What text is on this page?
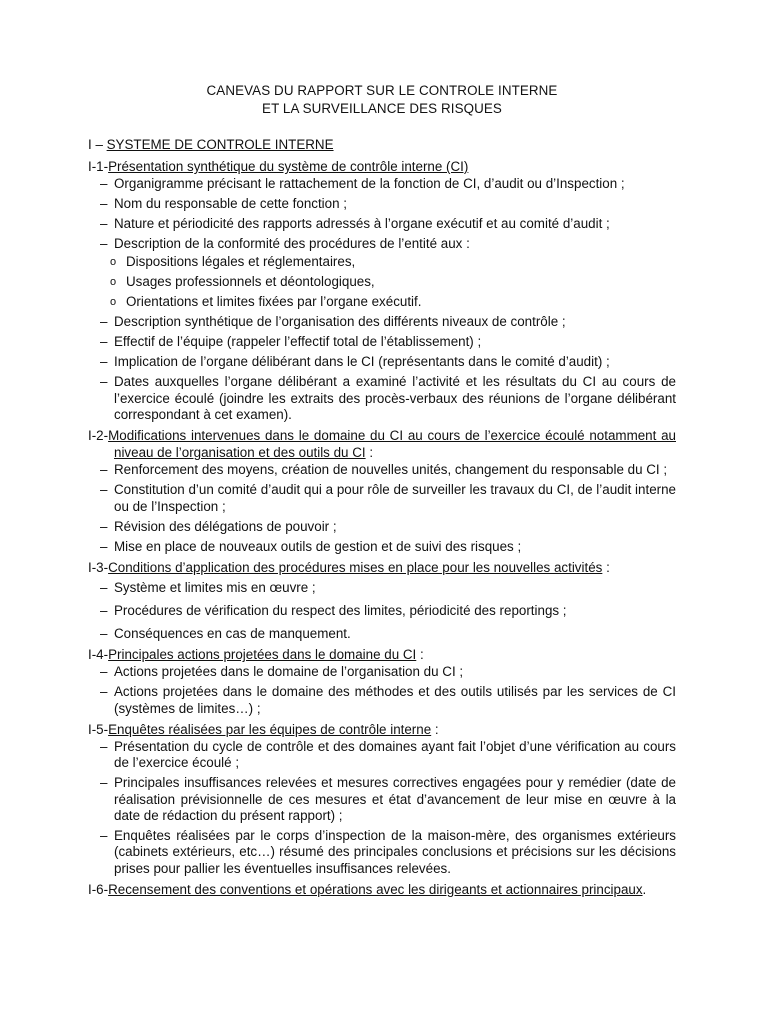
CANEVAS DU RAPPORT SUR LE CONTROLE INTERNE
ET LA SURVEILLANCE DES RISQUES
I – SYSTEME DE CONTROLE INTERNE
I-1-Présentation synthétique du système de contrôle interne (CI)
– Organigramme précisant le rattachement de la fonction de CI, d’audit ou d’Inspection ;
– Nom du responsable de cette fonction ;
– Nature et périodicité des rapports adressés à l’organe exécutif et au comité d’audit ;
– Description de la conformité des procédures de l’entité aux :
o Dispositions légales et réglementaires,
o Usages professionnels et déontologiques,
o Orientations et limites fixées par l’organe exécutif.
– Description synthétique de l’organisation des différents niveaux de contrôle ;
– Effectif de l’équipe (rappeler l’effectif total de l’établissement) ;
– Implication de l’organe délibérant dans le CI (représentants dans le comité d’audit) ;
– Dates auxquelles l’organe délibérant a examiné l’activité et les résultats du CI au cours de l’exercice écoulé (joindre les extraits des procès-verbaux des réunions de l’organe délibérant correspondant à cet examen).
I-2-Modifications intervenues dans le domaine du CI au cours de l’exercice écoulé notamment au niveau de l’organisation et des outils du CI :
– Renforcement des moyens, création de nouvelles unités, changement du responsable du CI ;
– Constitution d’un comité d’audit qui a pour rôle de surveiller les travaux du CI, de l’audit interne ou de l’Inspection ;
– Révision des délégations de pouvoir ;
– Mise en place de nouveaux outils de gestion et de suivi des risques ;
I-3-Conditions d’application des procédures mises en place pour les nouvelles activités :
– Système et limites mis en œuvre ;
– Procédures de vérification du respect des limites, périodicité des reportings ;
– Conséquences en cas de manquement.
I-4-Principales actions projetées dans le domaine du CI :
– Actions projetées dans le domaine de l’organisation du CI ;
– Actions projetées dans le domaine des méthodes et des outils utilisés par les services de CI (systèmes de limites…) ;
I-5-Enquêtes réalisées par les équipes de contrôle interne :
– Présentation du cycle de contrôle et des domaines ayant fait l’objet d’une vérification au cours de l’exercice écoulé ;
– Principales insuffisances relevées et mesures correctives engagées pour y remédier (date de réalisation prévisionnelle de ces mesures et état d’avancement de leur mise en œuvre à la date de rédaction du présent rapport) ;
– Enquêtes réalisées par le corps d’inspection de la maison-mère, des organismes extérieurs (cabinets extérieurs, etc…) résumé des principales conclusions et précisions sur les décisions prises pour pallier les éventuelles insuffisances relevées.
I-6-Recensement des conventions et opérations avec les dirigeants et actionnaires principaux.
